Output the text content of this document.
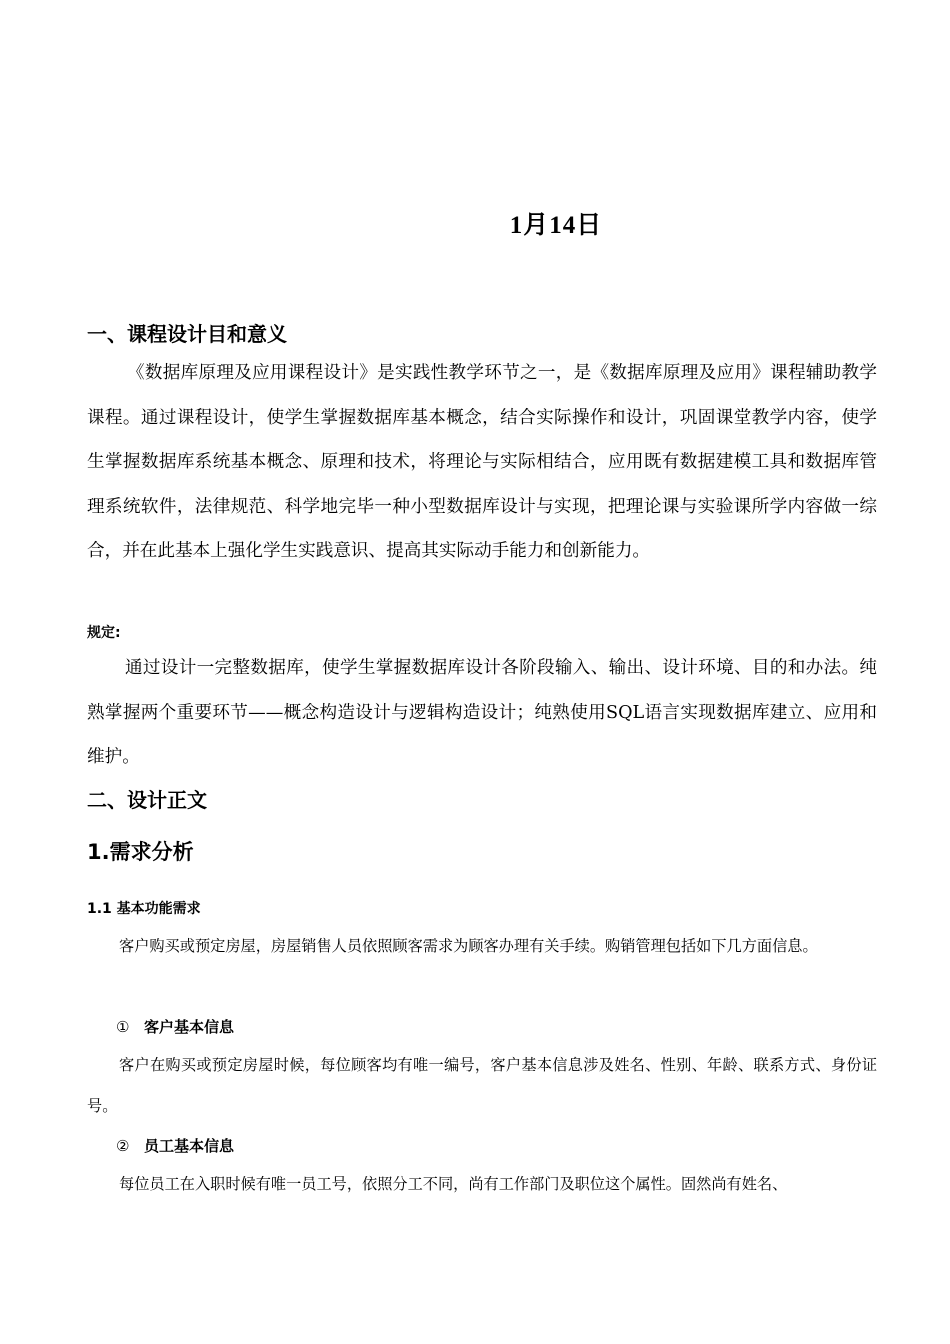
1月14日
一、课程设计目和意义

《数据库原理及应用课程设计》是实践性教学环节之一，是《数据库原理及应用》课程辅助教学课程。通过课程设计，使学生掌握数据库基本概念，结合实际操作和设计，巩固课堂教学内容，使学生掌握数据库系统基本概念、原理和技术，将理论与实际相结合，应用既有数据建模工具和数据库管理系统软件，法律规范、科学地完毕一种小型数据库设计与实现，把理论课与实验课所学内容做一综合，并在此基本上强化学生实践意识、提高其实际动手能力和创新能力。

规定:

通过设计一完整数据库，使学生掌握数据库设计各阶段输入、输出、设计环境、目的和办法。纯熟掌握两个重要环节——概念构造设计与逻辑构造设计；纯熟使用SQL语言实现数据库建立、应用和维护。

二、设计正文
1.需求分析
1.1 基本功能需求

客户购买或预定房屋，房屋销售人员依照顾客需求为顾客办理有关手续。购销管理包括如下几方面信息。

① 客户基本信息

客户在购买或预定房屋时候，每位顾客均有唯一编号，客户基本信息涉及姓名、性别、年龄、联系方式、身份证号。

② 员工基本信息

每位员工在入职时候有唯一员工号，依照分工不同，尚有工作部门及职位这个属性。固然尚有姓名、
